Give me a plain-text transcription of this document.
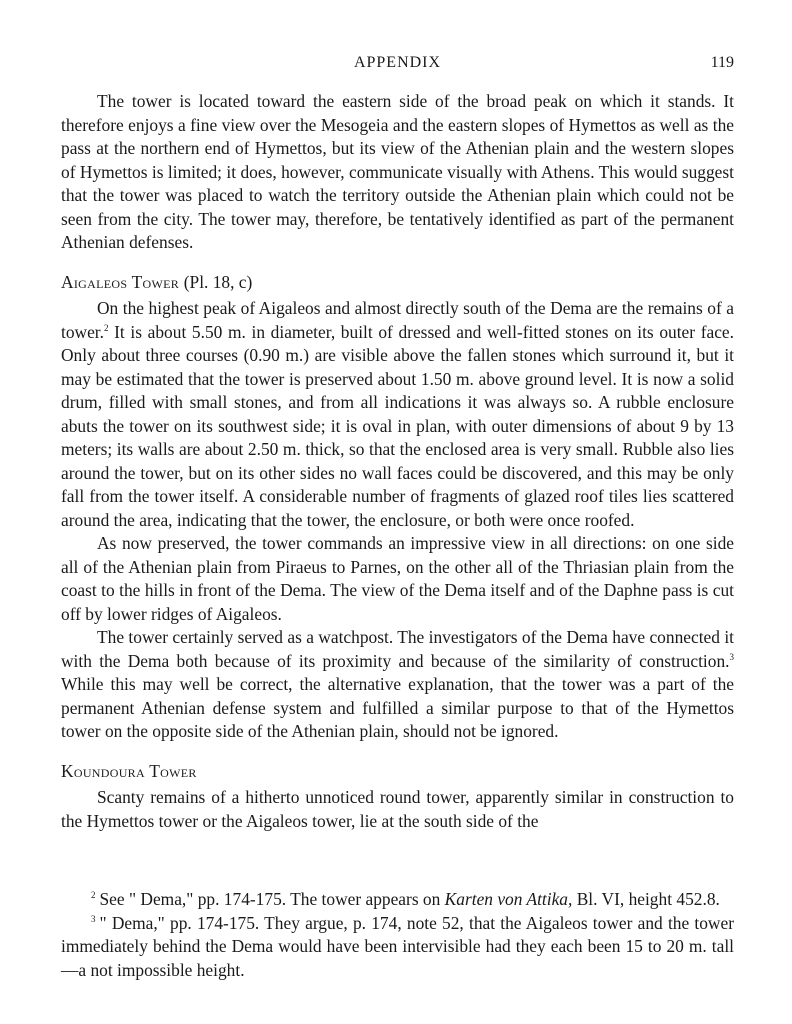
APPENDIX	119

The tower is located toward the eastern side of the broad peak on which it stands. It therefore enjoys a fine view over the Mesogeia and the eastern slopes of Hymettos as well as the pass at the northern end of Hymettos, but its view of the Athenian plain and the western slopes of Hymettos is limited; it does, however, communicate visually with Athens. This would suggest that the tower was placed to watch the territory outside the Athenian plain which could not be seen from the city. The tower may, therefore, be tentatively identified as part of the permanent Athenian defenses.

Aigaleos Tower (Pl. 18, c)

On the highest peak of Aigaleos and almost directly south of the Dema are the remains of a tower.$^2$ It is about 5.50 m. in diameter, built of dressed and well-fitted stones on its outer face. Only about three courses (0.90 m.) are visible above the fallen stones which surround it, but it may be estimated that the tower is preserved about 1.50 m. above ground level. It is now a solid drum, filled with small stones, and from all indications it was always so. A rubble enclosure abuts the tower on its southwest side; it is oval in plan, with outer dimensions of about 9 by 13 meters; its walls are about 2.50 m. thick, so that the enclosed area is very small. Rubble also lies around the tower, but on its other sides no wall faces could be discovered, and this may be only fall from the tower itself. A considerable number of fragments of glazed roof tiles lies scattered around the area, indicating that the tower, the enclosure, or both were once roofed.

As now preserved, the tower commands an impressive view in all directions: on one side all of the Athenian plain from Piraeus to Parnes, on the other all of the Thriasian plain from the coast to the hills in front of the Dema. The view of the Dema itself and of the Daphne pass is cut off by lower ridges of Aigaleos.

The tower certainly served as a watchpost. The investigators of the Dema have connected it with the Dema both because of its proximity and because of the similarity of construction.$^3$ While this may well be correct, the alternative explanation, that the tower was a part of the permanent Athenian defense system and fulfilled a similar purpose to that of the Hymettos tower on the opposite side of the Athenian plain, should not be ignored.

Koundoura Tower

Scanty remains of a hitherto unnoticed round tower, apparently similar in construction to the Hymettos tower or the Aigaleos tower, lie at the south side of the

$^2$ See " Dema," pp. 174-175. The tower appears on Karten von Attika, Bl. VI, height 452.8.

$^3$ " Dema," pp. 174-175. They argue, p. 174, note 52, that the Aigaleos tower and the tower immediately behind the Dema would have been intervisible had they each been 15 to 20 m. tall—a not impossible height.
